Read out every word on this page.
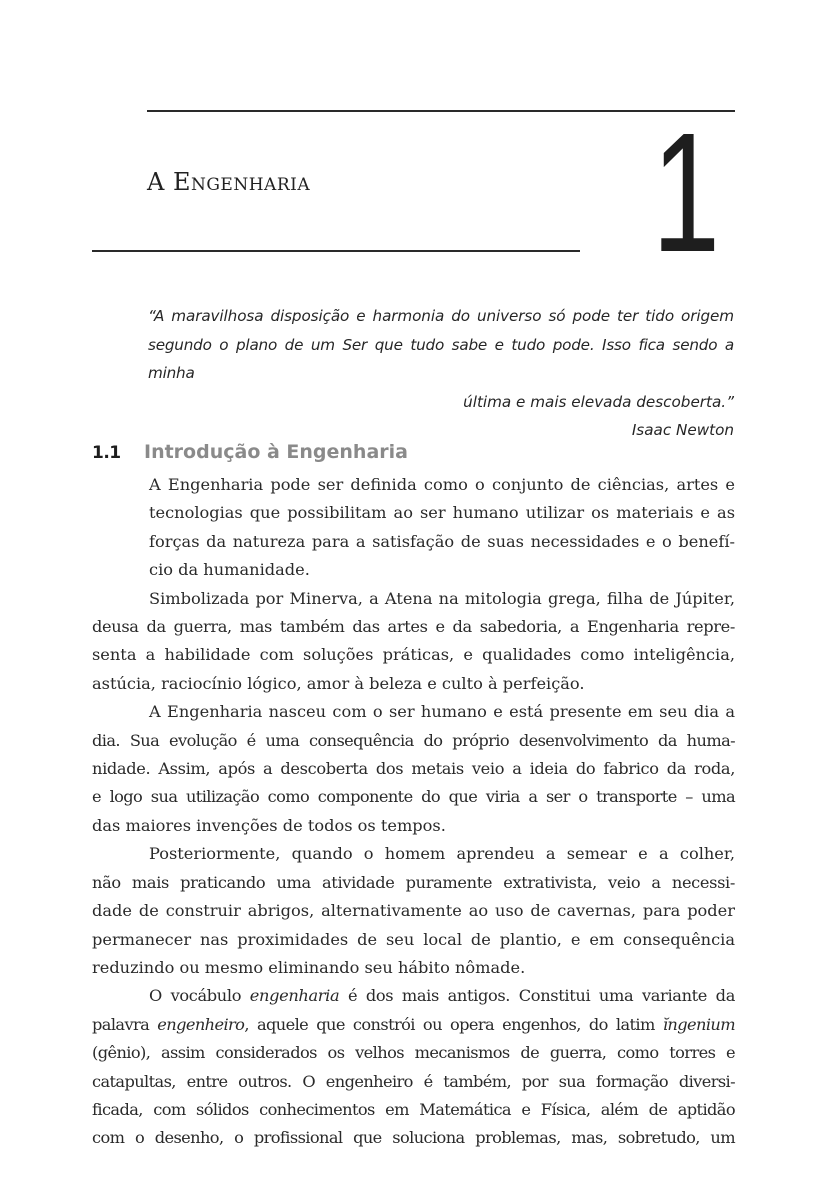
A Engenharia 1
“A maravilhosa disposição e harmonia do universo só pode ter tido origem
segundo o plano de um Ser que tudo sabe e tudo pode. Isso fica sendo a minha
última e mais elevada descoberta.”
Isaac Newton
1.1 Introdução à Engenharia
A Engenharia pode ser definida como o conjunto de ciências, artes e
tecnologias que possibilitam ao ser humano utilizar os materiais e as
forças da natureza para a satisfação de suas necessidades e o benefí-
cio da humanidade.
Simbolizada por Minerva, a Atena na mitologia grega, filha de Júpiter,
deusa da guerra, mas também das artes e da sabedoria, a Engenharia repre-
senta a habilidade com soluções práticas, e qualidades como inteligência,
astúcia, raciocínio lógico, amor à beleza e culto à perfeição.
A Engenharia nasceu com o ser humano e está presente em seu dia a
dia. Sua evolução é uma consequência do próprio desenvolvimento da huma-
nidade. Assim, após a descoberta dos metais veio a ideia do fabrico da roda,
e logo sua utilização como componente do que viria a ser o transporte – uma
das maiores invenções de todos os tempos.
Posteriormente, quando o homem aprendeu a semear e a colher,
não mais praticando uma atividade puramente extrativista, veio a necessi-
dade de construir abrigos, alternativamente ao uso de cavernas, para poder
permanecer nas proximidades de seu local de plantio, e em consequência
reduzindo ou mesmo eliminando seu hábito nômade.
O vocábulo engenharia é dos mais antigos. Constitui uma variante da
palavra engenheiro, aquele que constrói ou opera engenhos, do latim ĭngenium
(gênio), assim considerados os velhos mecanismos de guerra, como torres e
catapultas, entre outros. O engenheiro é também, por sua formação diversi-
ficada, com sólidos conhecimentos em Matemática e Física, além de aptidão
com o desenho, o profissional que soluciona problemas, mas, sobretudo, um
